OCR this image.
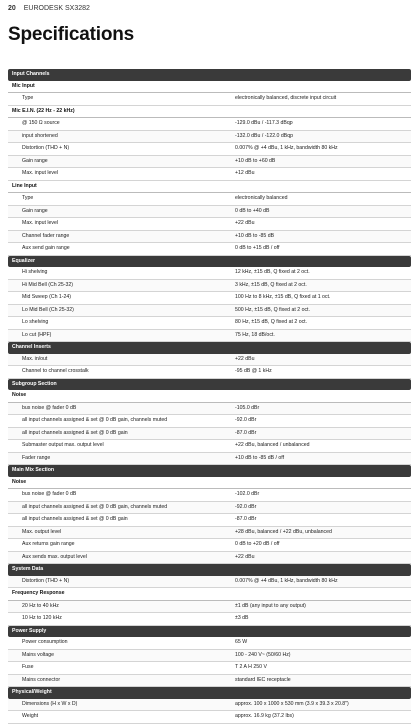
20 EURODESK SX3282
Specifications
Input Channels
Mic Input
Type	electronically balanced, discrete input circuit
Mic E.I.N. (22 Hz - 22 kHz)
@ 150 Ω source	-129.0 dBu / -117.3 dBqp
input shortened	-132.0 dBu / -122.0 dBqp
Distortion (THD + N)	0.007% @ +4 dBu, 1 kHz, bandwidth 80 kHz
Gain range	+10 dB to +60 dB
Max. input level	+12 dBu
Line Input
Type	electronically balanced
Gain range	0 dB to +40 dB
Max. input level	+22 dBu
Channel fader range	+10 dB to -85 dB
Aux send gain range	0 dB to +15 dB / off
Equalizer
Hi shelving	12 kHz, ±15 dB, Q fixed at 2 oct.
Hi Mid Bell (Ch 25-32)	3 kHz, ±15 dB, Q fixed at 2 oct.
Mid Sweep (Ch 1-24)	100 Hz to 8 kHz, ±15 dB, Q fixed at 1 oct.
Lo Mid Bell (Ch 25-32)	500 Hz, ±15 dB, Q fixed at 2 oct.
Lo shelving	80 Hz, ±15 dB, Q fixed at 2 oct.
Lo cut (HPF)	75 Hz, 18 dB/oct.
Channel Inserts
Max. in/out	+22 dBu
Channel to channel crosstalk	-95 dB @ 1 kHz
Subgroup Section
Noise
bus noise @ fader 0 dB	-105.0 dBr
all input channels assigned & set @ 0 dB gain, channels muted	-92.0 dBr
all input channels assigned & set @ 0 dB gain	-87.0 dBr
Submaster output max. output level	+22 dBu, balanced / unbalanced
Fader range	+10 dB to -85 dB / off
Main Mix Section
Noise
bus noise @ fader 0 dB	-102.0 dBr
all input channels assigned & set @ 0 dB gain, channels muted	-92.0 dBr
all input channels assigned & set @ 0 dB gain	-87.0 dBr
Max. output level	+28 dBu, balanced / +22 dBu, unbalanced
Aux returns gain range	0 dB to +20 dB / off
Aux sends max. output level	+22 dBu
System Data
Distortion (THD + N)	0.007% @ +4 dBu, 1 kHz, bandwidth 80 kHz
Frequency Response
20 Hz to 40 kHz	±1 dB (any input to any output)
10 Hz to 120 kHz	±3 dB
Power Supply
Power consumption	65 W
Mains voltage	100 - 240 V~ (50/60 Hz)
Fuse	T 2 A H 250 V
Mains connector	standard IEC receptacle
Physical/Weight
Dimensions (H x W x D)	approx. 100 x 1000 x 530 mm (3.9 x 39.3 x 20.8")
Weight	approx. 16.9 kg (37.2 lbs)
